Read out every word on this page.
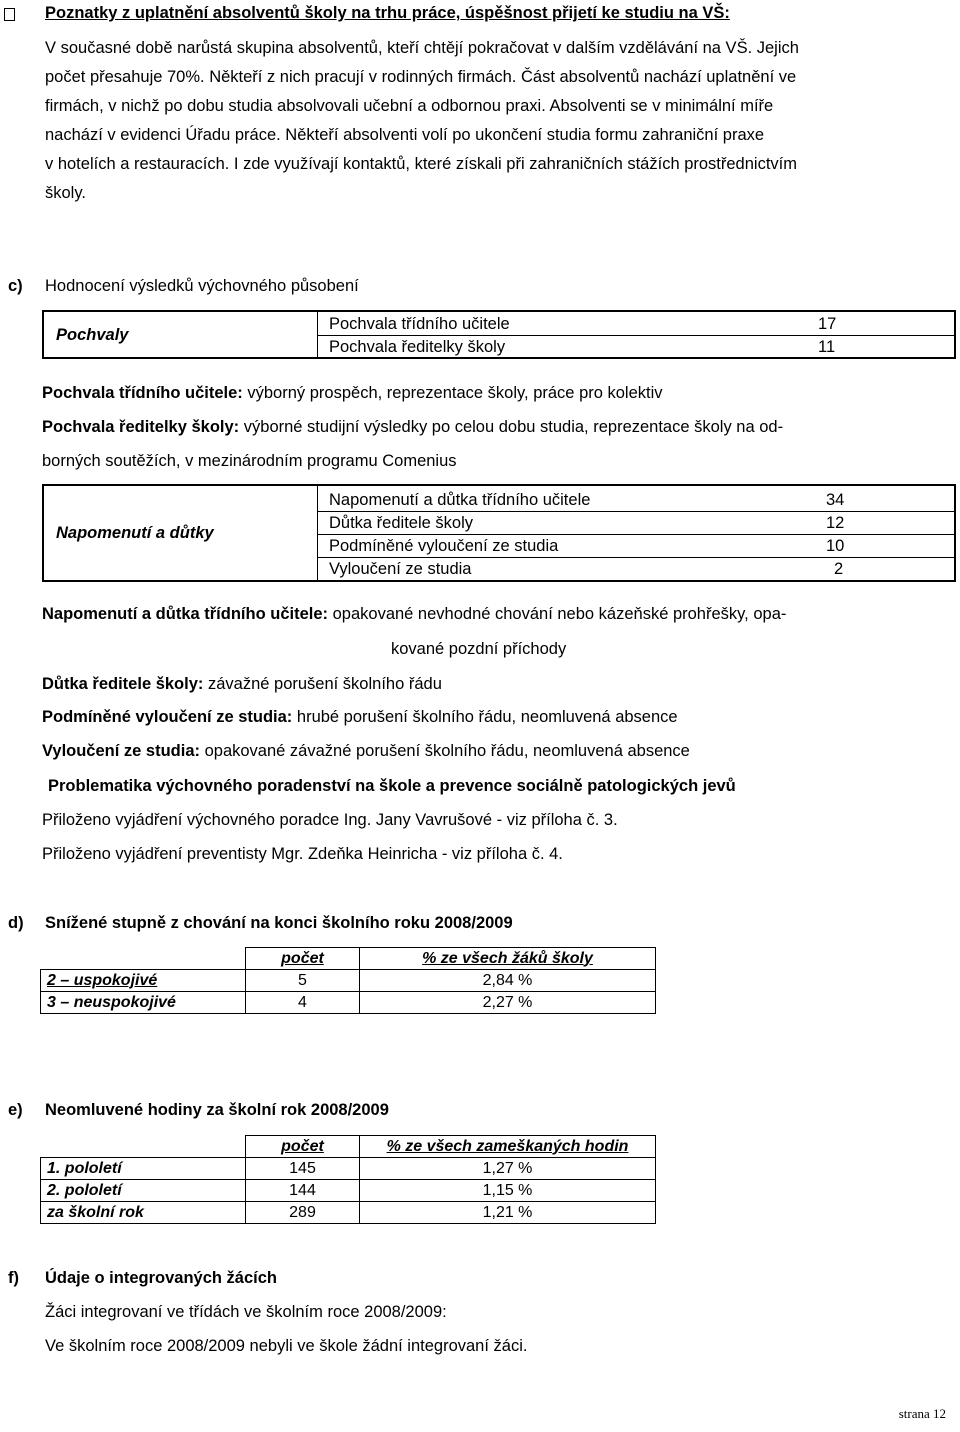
Poznatky z uplatnění absolventů školy na trhu práce, úspěšnost přijetí ke studiu na VŠ:
V současné době narůstá skupina absolventů, kteří chtějí pokračovat v dalším vzdělávání na VŠ. Jejich
počet přesahuje 70%. Někteří z nich pracují v rodinných firmách. Část absolventů nachází uplatnění ve
firmách, v nichž po dobu studia absolvovali učební a odbornou praxi. Absolventi se v minimální míře
nachází v evidenci Úřadu práce. Někteří absolventi volí po ukončení studia formu zahraniční praxe
v hotelích a restauracích. I zde využívají kontaktů, které získali při zahraničních stážích prostřednictvím
školy.
c) Hodnocení výsledků výchovného působení
Pochvaly
Pochvala třídního učitele	17
Pochvala ředitelky školy	11
Pochvala třídního učitele: výborný prospěch, reprezentace školy, práce pro kolektiv
Pochvala ředitelky školy: výborné studijní výsledky po celou dobu studia, reprezentace školy na od-
borných soutěžích, v mezinárodním programu Comenius
Napomenutí a důtky
Napomenutí a důtka třídního učitele	34
Důtka ředitele školy	12
Podmíněné vyloučení ze studia	10
Vyloučení ze studia	2
Napomenutí a důtka třídního učitele: opakované nevhodné chování nebo kázeňské prohřešky, opa-
kované pozdní příchody
Důtka ředitele školy: závažné porušení školního řádu
Podmíněné vyloučení ze studia: hrubé porušení školního řádu, neomluvená absence
Vyloučení ze studia: opakované závažné porušení školního řádu, neomluvená absence
Problematika výchovného poradenství na škole a prevence sociálně patologických jevů
Přiloženo vyjádření výchovného poradce Ing. Jany Vavrušové - viz příloha č. 3.
Přiloženo vyjádření preventisty Mgr. Zdeňka Heinricha - viz příloha č. 4.
d) Snížené stupně z chování na konci školního roku 2008/2009
	počet	% ze všech žáků školy
2 – uspokojivé	5	2,84 %
3 – neuspokojivé	4	2,27 %
e) Neomluvené hodiny za školní rok 2008/2009
	počet	% ze všech zameškaných hodin
1. pololetí	145	1,27 %
2. pololetí	144	1,15 %
za školní rok	289	1,21 %
f) Údaje o integrovaných žácích
Žáci integrovaní ve třídách ve školním roce 2008/2009:
Ve školním roce 2008/2009 nebyli ve škole žádní integrovaní žáci.
strana 12
